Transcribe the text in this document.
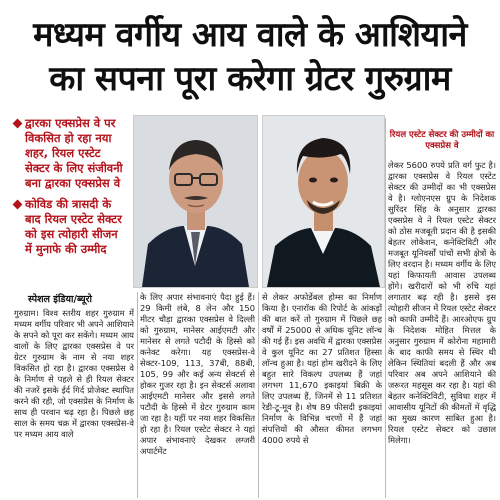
मध्यम वर्गीय आय वाले के आशियाने
का सपना पूरा करेगा ग्रेटर गुरुग्राम
द्वारका एक्सप्रेस वे पर विकसित हो रहा नया शहर, रियल एस्टेट सेक्टर के लिए संजीवनी बना द्वारका एक्सप्रेस वे
कोविड की त्रासदी के बाद रियल एस्टेट सेक्टर को इस त्योहारी सीजन में मुनाफे की उम्मीद
स्पेशल इंडिया/ब्यूरो
गुरुग्राम। विश्व स्तरीय शहर गुरुग्राम में मध्यम वर्गीय परिवार भी अपने आशियाने के सपने को पूरा कर सकेंगे। मध्यम आय वालों के लिए द्वारका एक्सप्रेस वे पर ग्रेटर गुरुग्राम के नाम से नया शहर विकसित हो रहा है। द्वारका एक्सप्रेस वे के निर्माण से पहले से ही रियल सेक्टर की नजरें इसके ईर्द गिर्द प्रोजेक्ट स्थापित करने की रही, जो एक्सप्रेस के निर्माण के साथ ही परवान चढ़ रहा है। पिछले छह साल के समय चक्र में द्वारका एक्सप्रेस-वे पर मध्यम आय वाले
के लिए अपार संभावनाएं पैदा हुई हैं। 29 किमी लंबे, 8 लेन और 150 मीटर चौड़ा द्वारका एक्सप्रेस वे दिल्ली को गुरुग्राम, मानेसर आईएमटी और मानेसर से लगते पटौदी के हिस्से को कनेक्ट करेगा। यह एक्सप्रेस-वे सेक्टर-109, 113, 37बी, 88बी, 105, 99 और कई अन्य सेक्टर्स से होकर गुजर रहा है। इन सेक्टर्स अलावा आईएमटी मानेसर और इससे लगते पटौदी के हिस्से में ग्रेटर गुरुग्राम काम जा रहा है। यहीं पर नया शहर विकसित हो रहा है। रियल एस्टेट सेक्टर ने यहां अपार संभावनाएं देखकर लग्जरी अपार्टमेंट
से लेकर अफोर्डेबल होम्स का निर्माण किया है। एनारॉक की रिपोर्ट के आंकड़ों की बात करें तो गुरुग्राम में पिछले छह वर्षों में 25000 से अधिक यूनिट लॉन्च की गई हैं। इस अवधि में द्वारका एक्सप्रेस वे कुल यूनिट का 27 प्रतिशत हिस्सा लॉन्च हुआ है। यहां होम खरीदने के लिए बहुत सारे विकल्प उपलब्ध हैं जहां लगभग 11,670 इकाइयां बिक्री के लिए उपलब्ध हैं, जिनमें से 11 प्रतिशत रेडी-टू-मूव है। शेष 89 फीसदी इकाइयां निर्माण के विभिन्न चरणों में हैं जहां संपत्तियों की औसत कीमत लगभग 4000 रुपये से
रियल एस्टेट सेक्टर की उम्मीदों का एक्सप्रेस वे
लेकर 5600 रुपये प्रति वर्ग फुट है। द्वारका एक्सप्रेस वे रियल एस्टेट सेक्टर की उम्मीदों का भी एक्सप्रेस वे है। ग्लोएनएस ग्रुप के निदेशक सुरिंदर सिंह के अनुसार द्वारका एक्सप्रेस वे ने रियल एस्टेट सेक्टर को ठोस मजबूती प्रदान की है इसकी बेहतर लोकेशन, कनेक्टिविटी और मजबूत यूनिवर्सों पांचों सभी क्षेत्रों के लिए वरदान है। मध्यम वर्गीय के लिए यहां किफायती आवास उपलब्ध होंगे। खरीदारों को भी रुचि यहां लगातार बढ़ रही है। इससे इस त्योहारी सीजन में रियल एस्टेट सेक्टर को काफी उम्मीदें हैं। आरओएफ ग्रुप के निदेशक मोहित मित्तल के अनुसार गुरुग्राम में कोरोना महामारी के बाद काफी समय से स्थिर थी लेकिन स्थितियां बदली हैं और अब परिवार अब अपने आशियाने की जरूरत महसूस कर रहा है। यहां की बेहतर कनेक्टिविटी, सुविधा शहर में आवासीय यूनिटों की कीमतों में वृद्धि का मुख्य कारण साबित हुआ है। रियल एस्टेट सेक्टर को उछाल मिलेगा।
